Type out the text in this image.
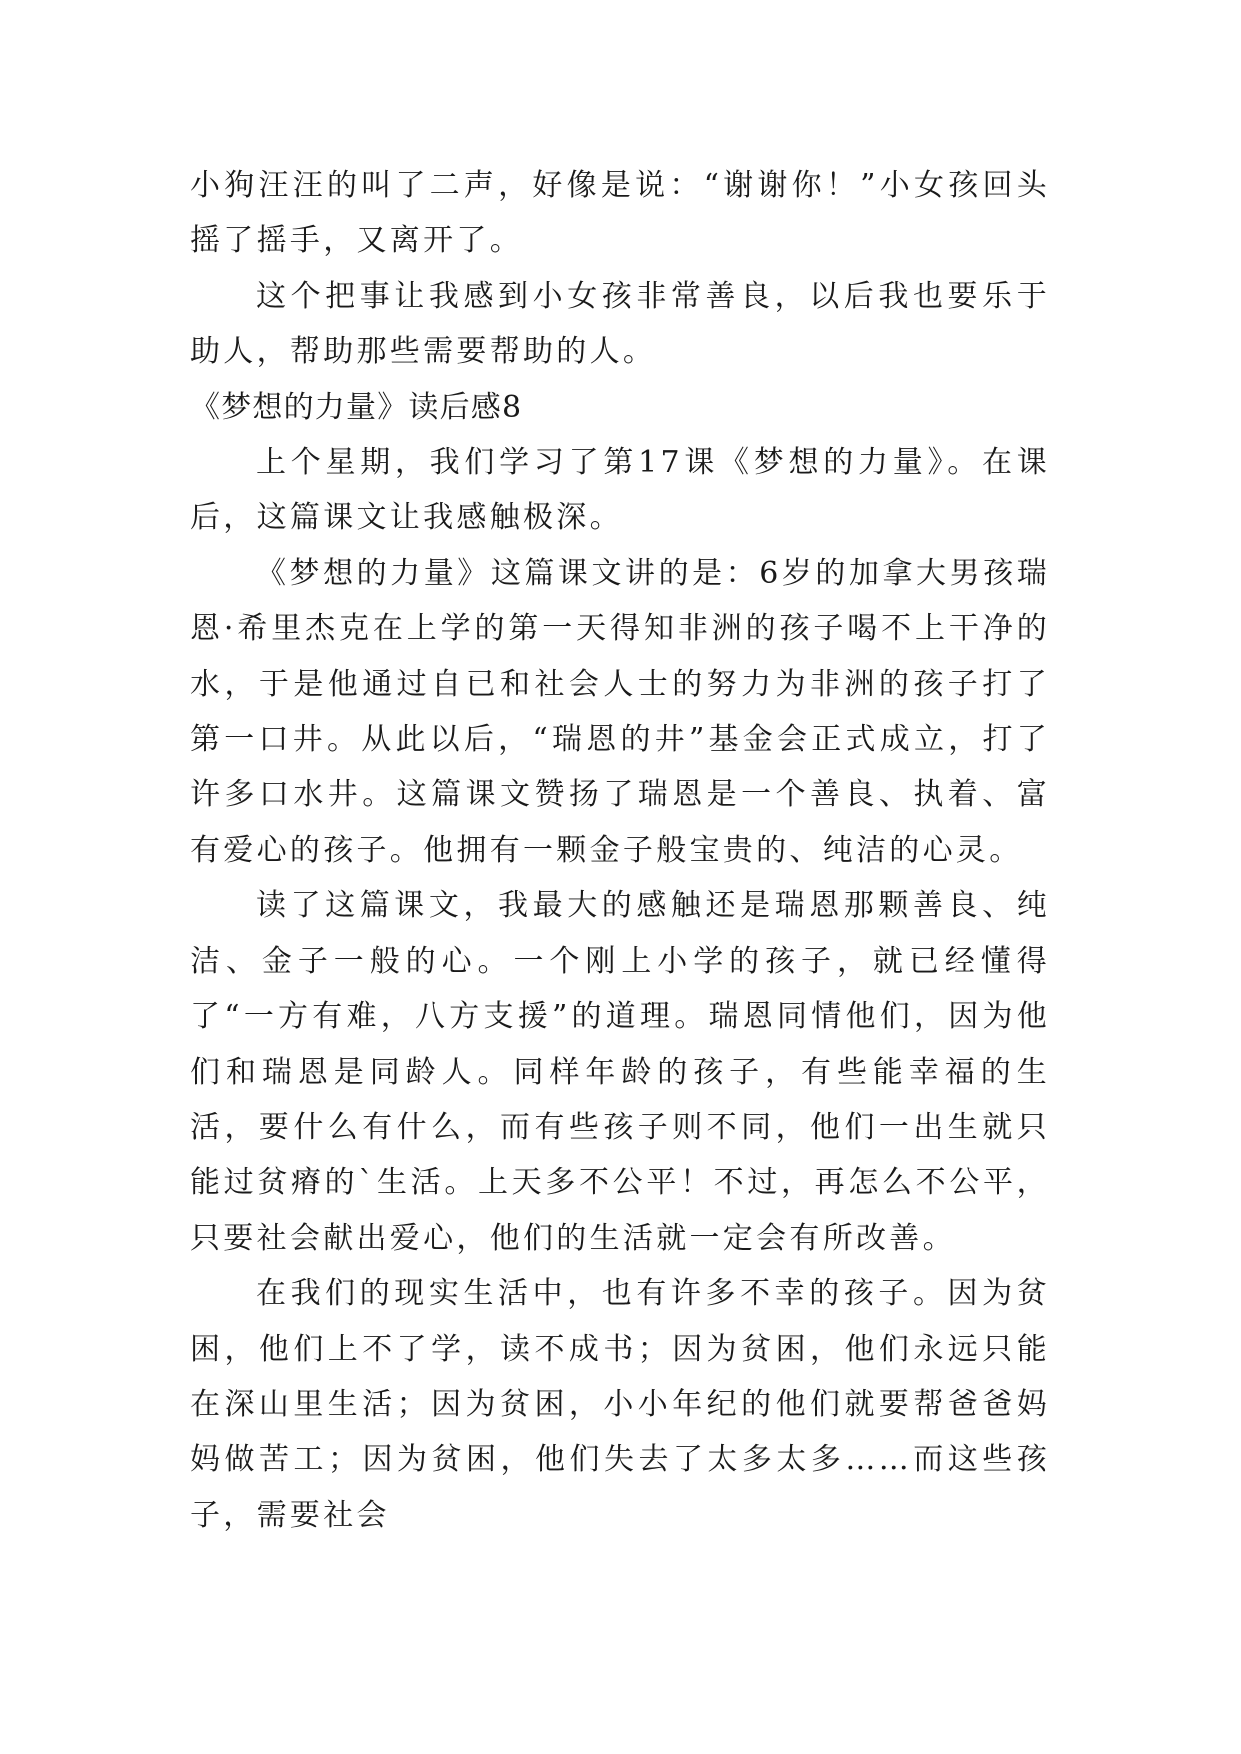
小狗汪汪的叫了二声，好像是说：“谢谢你！”小女孩回头摇了摇手，又离开了。

这个把事让我感到小女孩非常善良，以后我也要乐于助人，帮助那些需要帮助的人。

《梦想的力量》读后感8

上个星期，我们学习了第17课《梦想的力量》。在课后，这篇课文让我感触极深。

《梦想的力量》这篇课文讲的是：6岁的加拿大男孩瑞恩·希里杰克在上学的第一天得知非洲的孩子喝不上干净的水，于是他通过自已和社会人士的努力为非洲的孩子打了第一口井。从此以后，“瑞恩的井”基金会正式成立，打了许多口水井。这篇课文赞扬了瑞恩是一个善良、执着、富有爱心的孩子。他拥有一颗金子般宝贵的、纯洁的心灵。

读了这篇课文，我最大的感触还是瑞恩那颗善良、纯洁、金子一般的心。一个刚上小学的孩子，就已经懂得了“一方有难，八方支援”的道理。瑞恩同情他们，因为他们和瑞恩是同龄人。同样年龄的孩子，有些能幸福的生活，要什么有什么，而有些孩子则不同，他们一出生就只能过贫瘠的`生活。上天多不公平！不过，再怎么不公平，只要社会献出爱心，他们的生活就一定会有所改善。

在我们的现实生活中，也有许多不幸的孩子。因为贫困，他们上不了学，读不成书；因为贫困，他们永远只能在深山里生活；因为贫困，小小年纪的他们就要帮爸爸妈妈做苦工；因为贫困，他们失去了太多太多……而这些孩子，需要社会
